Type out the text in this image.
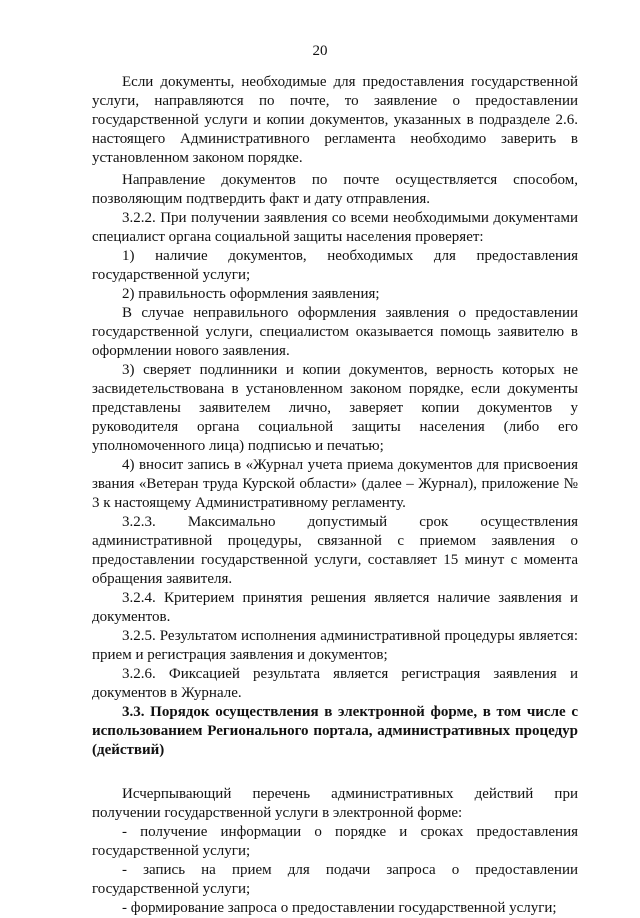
20

Если документы, необходимые для предоставления государственной услуги, направляются по почте, то заявление о предоставлении государственной услуги и копии документов, указанных в подразделе 2.6. настоящего Административного регламента необходимо заверить в установленном законом порядке.

Направление документов по почте осуществляется способом, позволяющим подтвердить факт и дату отправления.

3.2.2. При получении заявления со всеми необходимыми документами специалист органа социальной защиты населения проверяет:

1) наличие документов, необходимых для предоставления государственной услуги;

2) правильность оформления заявления;

В случае неправильного оформления заявления о предоставлении государственной услуги, специалистом оказывается помощь заявителю в оформлении нового заявления.

3) сверяет подлинники и копии документов, верность которых не засвидетельствована в установленном законом порядке, если документы представлены заявителем лично, заверяет копии документов у руководителя органа социальной защиты населения (либо его уполномоченного лица) подписью и печатью;

4) вносит запись в «Журнал учета приема документов для присвоения звания «Ветеран труда Курской области» (далее – Журнал), приложение № 3 к настоящему Административному регламенту.

3.2.3. Максимально допустимый срок осуществления административной процедуры, связанной с приемом заявления о предоставлении государственной услуги, составляет 15 минут с момента обращения заявителя.

3.2.4. Критерием принятия решения является наличие заявления и документов.

3.2.5. Результатом исполнения административной процедуры является: прием и регистрация заявления и документов;

3.2.6. Фиксацией результата является регистрация заявления и документов в Журнале.

3.3. Порядок осуществления в электронной форме, в том числе с использованием Регионального портала, административных процедур (действий)

Исчерпывающий перечень административных действий при получении государственной услуги в электронной форме:

- получение информации о порядке и сроках предоставления государственной услуги;

- запись на прием для подачи запроса о предоставлении государственной услуги;

- формирование запроса о предоставлении государственной услуги;
